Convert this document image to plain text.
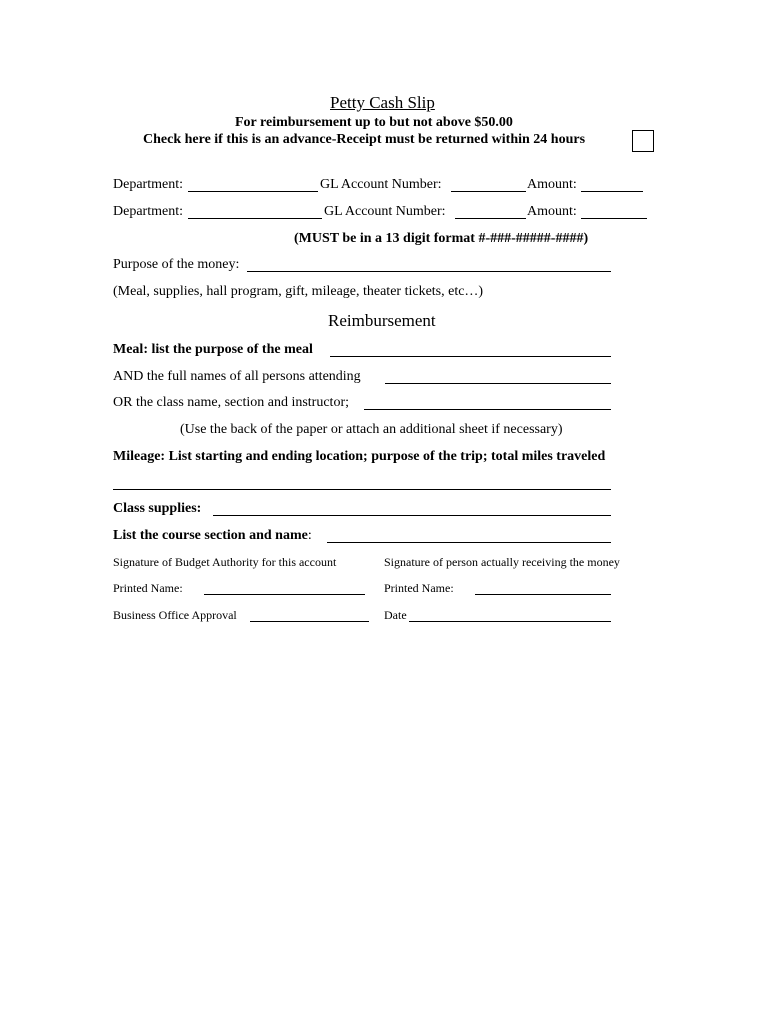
Petty Cash Slip
For reimbursement up to but not above $50.00
Check here if this is an advance-Receipt must be returned within 24 hours
Department:	GL Account Number:	Amount:
Department:	GL Account Number:	Amount:
(MUST be in a 13 digit format #-###-#####-####)
Purpose of the money:
(Meal, supplies, hall program, gift, mileage, theater tickets, etc…)
Reimbursement
Meal: list the purpose of the meal
AND the full names of all persons attending
OR the class name, section and instructor;
(Use the back of the paper or attach an additional sheet if necessary)
Mileage: List starting and ending location; purpose of the trip; total miles traveled
Class supplies:
List the course section and name:
Signature of Budget Authority for this account	Signature of person actually receiving the money
Printed Name:	Printed Name:
Business Office Approval	Date
